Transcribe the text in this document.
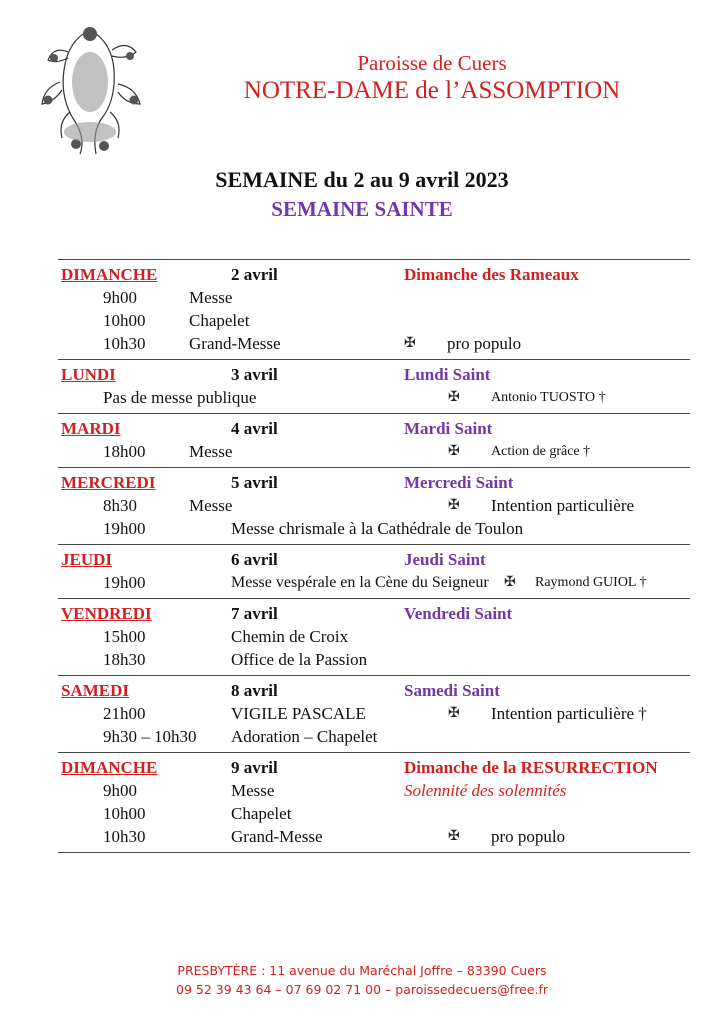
Paroisse de Cuers
NOTRE-DAME de l’ASSOMPTION
SEMAINE du 2 au 9 avril 2023
SEMAINE SAINTE
DIMANCHE	2 avril	Dimanche des Rameaux
9h00	Messe
10h00	Chapelet
10h30	Grand-Messe	✠ pro populo
LUNDI	3 avril	Lundi Saint
Pas de messe publique	✠ Antonio TUOSTO †
MARDI	4 avril	Mardi Saint
18h00	Messe	✠ Action de grâce †
MERCREDI	5 avril	Mercredi Saint
8h30	Messe	✠ Intention particulière
19h00	Messe chrismale à la Cathédrale de Toulon
JEUDI	6 avril	Jeudi Saint
19h00	Messe vespérale en la Cène du Seigneur ✠ Raymond GUIOL †
VENDREDI	7 avril	Vendredi Saint
15h00	Chemin de Croix
18h30	Office de la Passion
SAMEDI	8 avril	Samedi Saint
21h00	VIGILE PASCALE	✠ Intention particulière †
9h30 – 10h30 Adoration – Chapelet
DIMANCHE	9 avril	Dimanche de la RESURRECTION
9h00	Messe	Solennité des solennités
10h00	Chapelet
10h30	Grand-Messe	✠ pro populo
PRESBYTÈRE : 11 avenue du Maréchal Joffre – 83390 Cuers
09 52 39 43 64 – 07 69 02 71 00 – paroissedecuers@free.fr
